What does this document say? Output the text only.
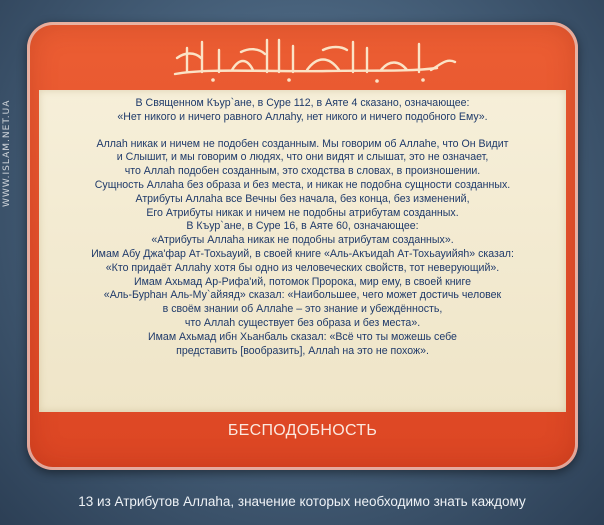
WWW.ISLAM.NET.UA
بسم الله الرحمن الرحيم
В Священном Къур`ане, в Суре 112, в Аяте 4 сказано, означающее:
«Нет никого и ничего равного Аллаhу, нет никого и ничего подобного Ему».
Аллаh никак и ничем не подобен созданным. Мы говорим об Аллаhе, что Он Видит
и Слышит, и мы говорим о людях, что они видят и слышат, это не означает,
что Аллаh подобен созданным, это сходства в словах, в произношении.
Сущность Аллаhа без образа и без места, и никак не подобна сущности созданных.
Атрибуты Аллаhа все Вечны без начала, без конца, без изменений,
Его Атрибуты никак и ничем не подобны атрибутам созданных.
В Къур`ане, в Суре 16, в Аяте 60, означающее:
«Атрибуты Аллаhа никак не подобны атрибутам созданных».
Имам Абу Джа'фар Ат-Тохьауий, в своей книге «Аль-Акъидаh Ат-Тохьауийяh» сказал:
«Кто придаёт Аллаhу хотя бы одно из человеческих свойств, тот неверующий».
Имам Ахьмад Ар-Рифа'ий, потомок Пророка, мир ему, в своей книге
«Аль-Бурhан Аль-Му`айяяд» сказал: «Наибольшее, чего может достичь человек
в своём знании об Аллаhе – это знание и убеждённость,
что Аллаh существует без образа и без места».
Имам Ахьмад ибн Хьанбаль сказал: «Всё что ты можешь себе
представить [вообразить], Аллаh на это не похож».
БЕСПОДОБНОСТЬ
13 из Атрибутов Аллаhа, значение которых необходимо знать каждому
